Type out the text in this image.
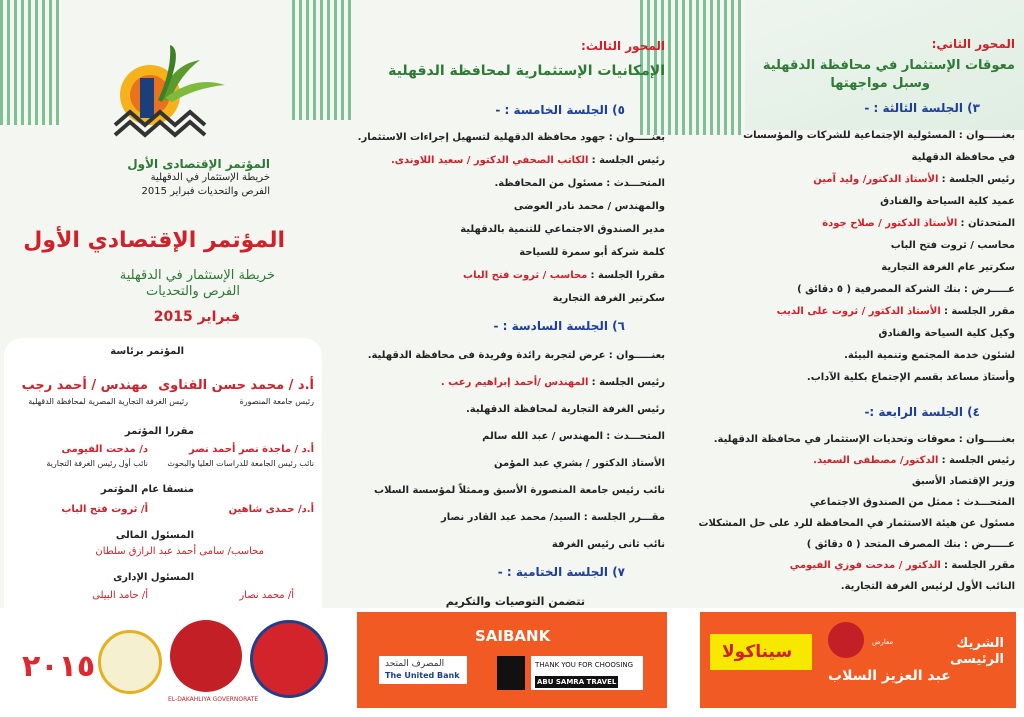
المؤتمر الإقتصادى الأول
خريطة الإستثمار في الدقهلية
الفرص والتحديات فبراير 2015
المؤتمر الإقتصادي الأول
خريطة الإستثمار في الدقهلية
الفرص والتحديات
فبراير 2015
المؤتمر برئاسة
أ.د / محمد حسن القناوى
رئيس جامعة المنصورة
مهندس / أحمد رجب
رئيس الغرفة التجارية المصرية لمحافظة الدقهلية
مقررا المؤتمر
أ.د / ماجدة نصر أحمد نصر
نائب رئيس الجامعة للدراسات العليا والبحوث
د/ مدحت الفيومى
نائب أول رئيس الغرفة التجارية
منسقا عام المؤتمر
أ.د/ حمدى شاهين
أ/ ثروت فتح الباب
المسئول المالى
محاسب/ سامى أحمد عبد الرازق سلطان
المسئول الإدارى
أ/ محمد نصار
أ/ حامد البيلى
المحور الثالث:
الإمكانيات الإستثمارية لمحافظة الدقهلية
٥) الجلسة الخامسة : -
بعنـــــوان : جهود محافظة الدقهلية لتسهيل إجراءات الاستثمار.
رئيس الجلسة : الكاتب الصحفي الدكتور / سعيد اللاوندى.
المتحـــدث : مسئول من المحافظة.
والمهندس / محمد نادر العوضى
مدير الصندوق الاجتماعي للتنمية بالدقهلية
كلمة شركة أبو سمرة للسياحة
مقررا الجلسة : محاسب / ثروت فتح الباب
سكرتير الغرفة التجارية
٦) الجلسة السادسة : -
بعنـــــوان : عرض لتجربة رائدة وفريدة فى محافظة الدقهلية.
رئيس الجلسة : المهندس /أحمد إبراهيم رعب .
رئيس الغرفة التجارية لمحافظة الدقهلية.
المتحـــدث : المهندس / عبد الله سالم
الأستاذ الدكتور / بشري عبد المؤمن
نائب رئيس جامعة المنصورة الأسبق وممثلاً لمؤسسة السلاب
مقـــرر الجلسة : السيد/ محمد عبد القادر نصار
نائب ثانى رئيس الغرفة
٧) الجلسة الختامية : -
تتضمن التوصيات والتكريم
المحور الثاني:
معوقات الإستثمار في محافظة الدقهلية
وسبل مواجهتها
٣) الجلسة الثالثة : -
بعنـــــوان : المسئولية الإجتماعية للشركات والمؤسسات
في محافظة الدقهلية
رئيس الجلسة : الأستاذ الدكتور/ وليد آمين
عميد كلية السياحة والفنادق
المتحدثان : الأستاذ الدكتور / صلاح جودة
محاسب / ثروت فتح الباب
سكرتير عام الغرفة التجارية
عـــــرض : بنك الشركة المصرفية ( ٥ دقائق )
مقرر الجلسة : الأستاذ الدكتور / ثروت على الديب
وكيل كلية السياحة والفنادق
لشئون خدمة المجتمع وتنمية البيئة.
وأستاذ مساعد بقسم الإجتماع بكلية الآداب.
٤) الجلسة الرابعة :-
بعنـــــوان : معوقات وتحديات الإستثمار في محافظة الدقهلية.
رئيس الجلسة : الدكتور/ مصطفى السعيد.
وزير الإقتصاد الأسبق
المتحـــدث : ممثل من الصندوق الاجتماعي
مسئول عن هيئة الاستثمار في المحافظة للرد على حل المشكلات
عـــــرض : بنك المصرف المتحد ( ٥ دقائق )
مقرر الجلسة : الدكتور / مدحت فوزي الفيومي
النائب الأول لرئيس الغرفة التجارية.
٢٠١٥
EL-DAKAHLIYA GOVERNORATE
SAIBANK
المصرف المتحد
The United Bank
THANK YOU FOR CHOOSING
ABU SAMRA TRAVEL
سيناكولا	معارض
عبد العزيز السلاب
الشريك الرئيسى
